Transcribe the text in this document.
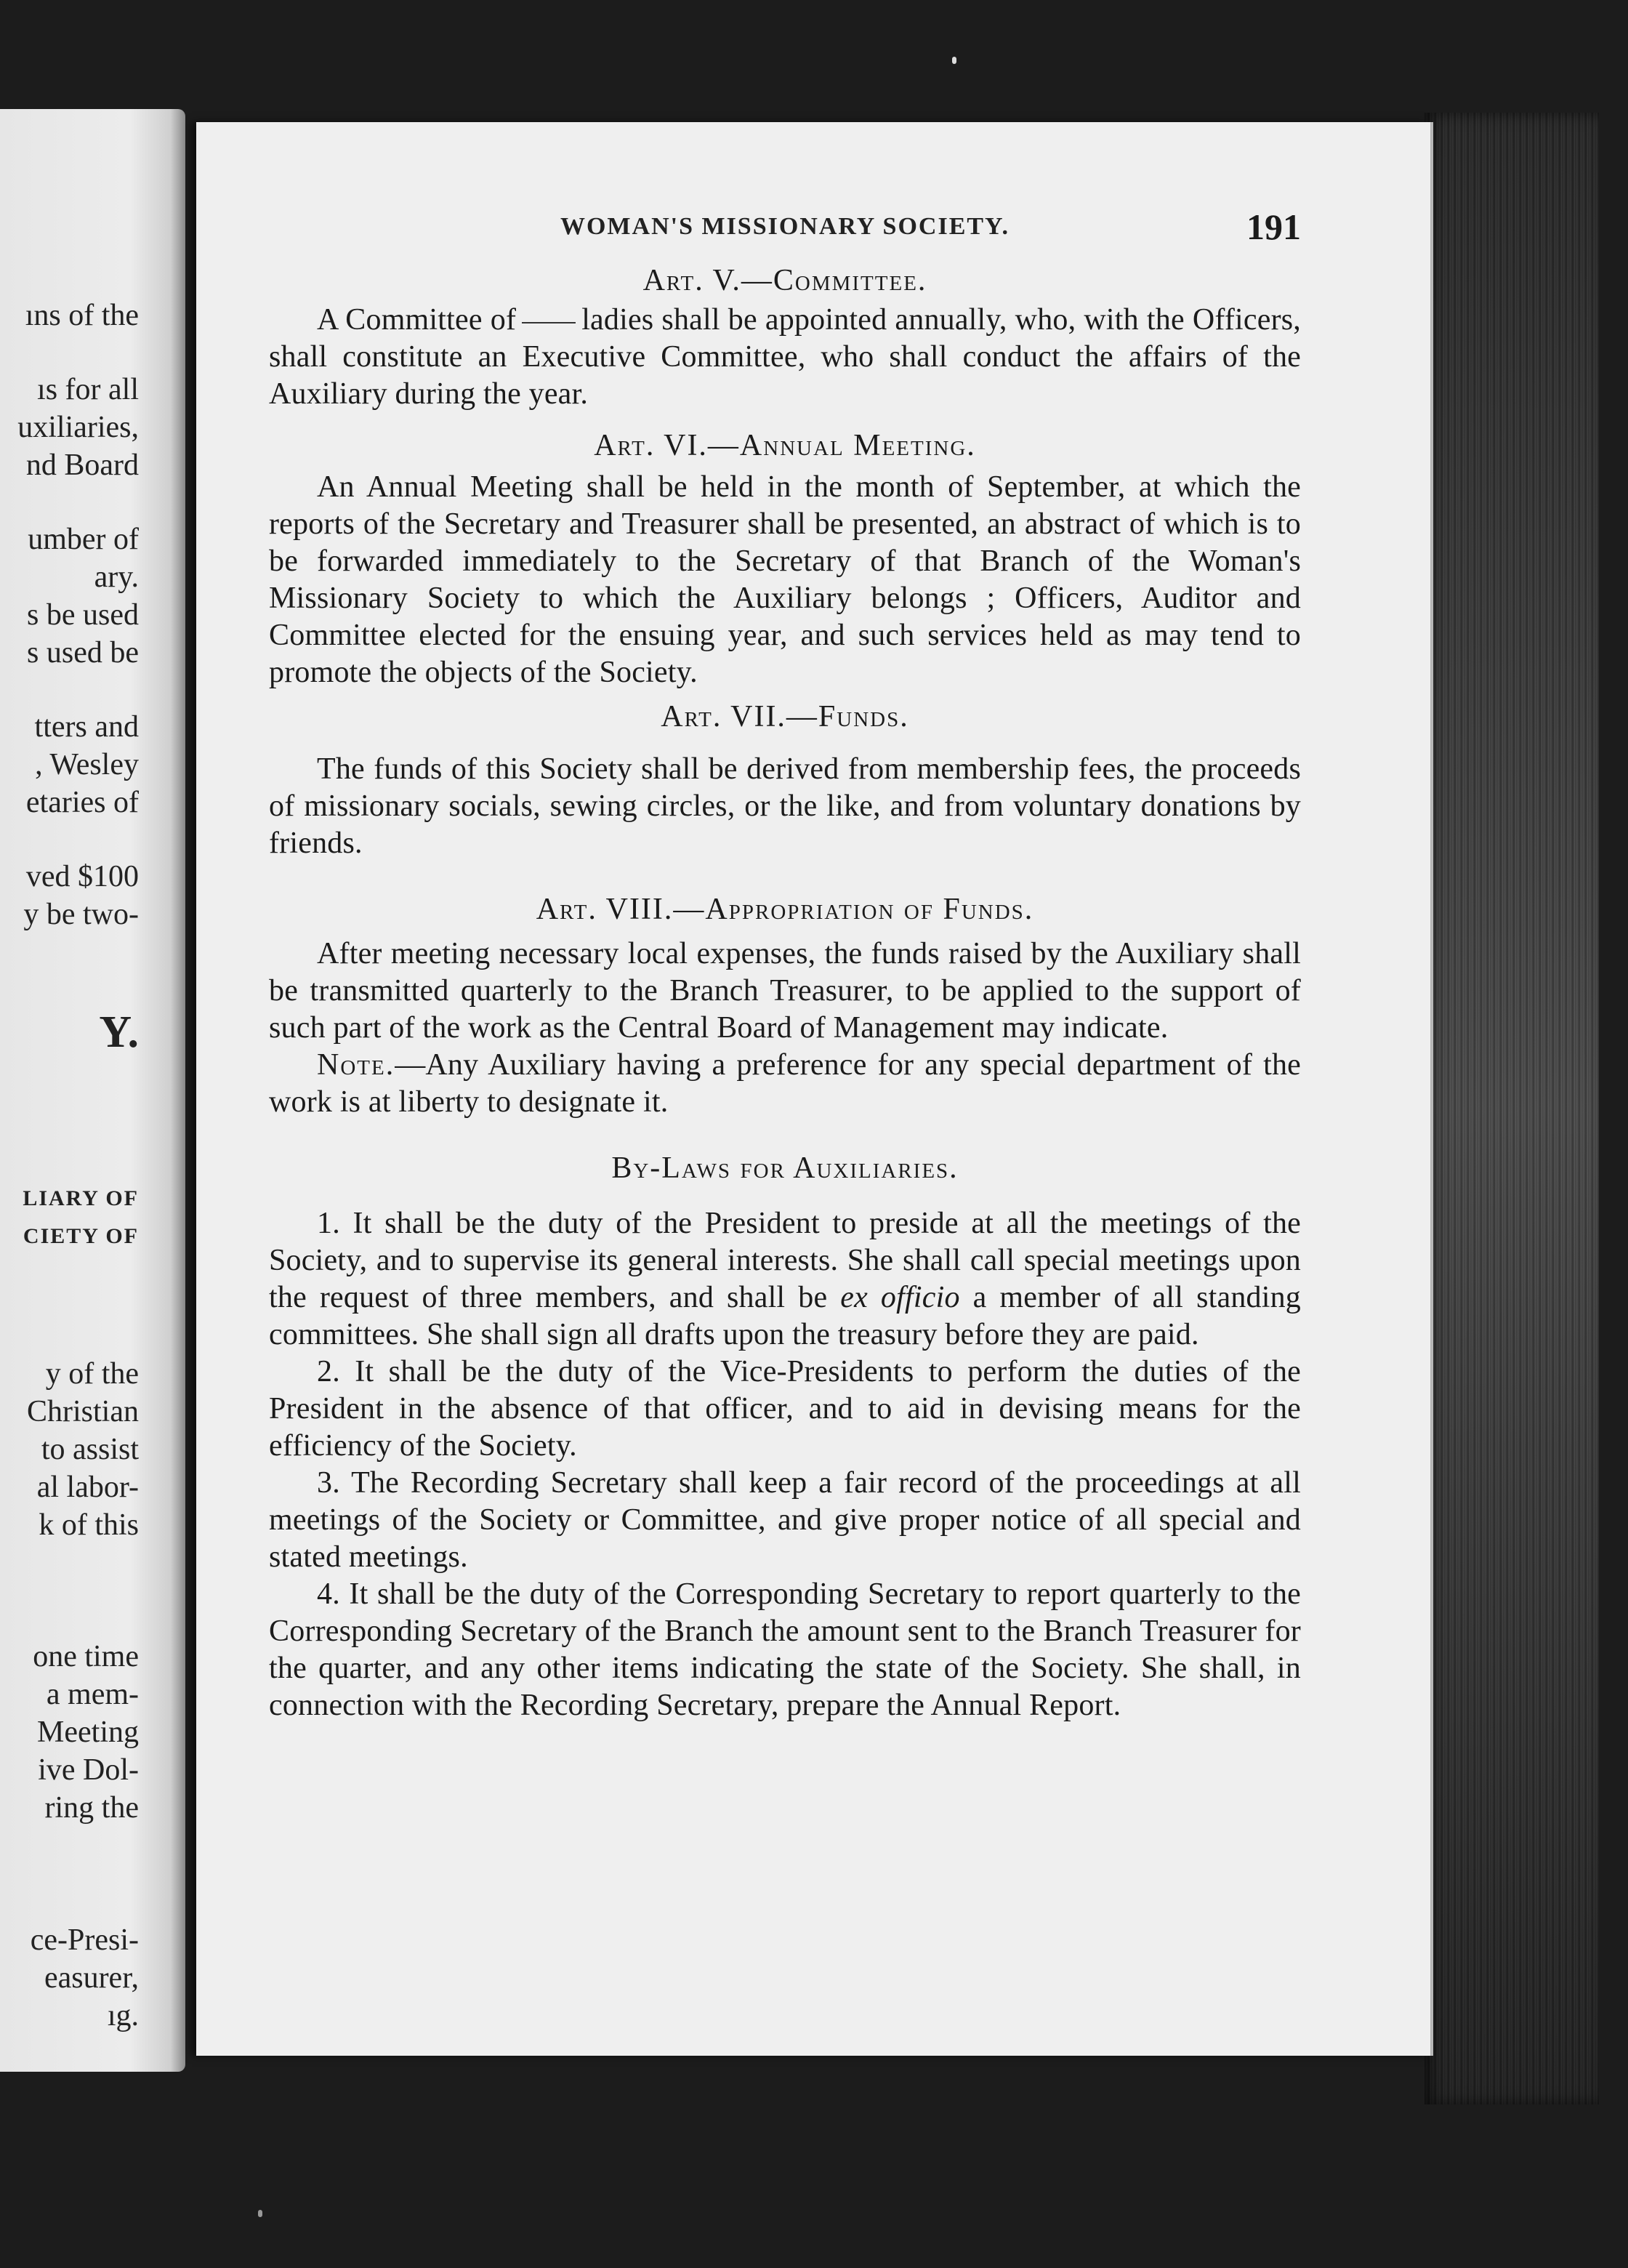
ıns of the
ıs for all
uxiliaries,
nd Board
umber of
ary.
s be used
s used be
tters and
, Wesley
etaries of
ved $100
y be two-
Y.
LIARY OF
CIETY OF
y of the
Christian
to assist
al labor-
k of this
one time
a mem-
Meeting
ive Dol-
ring the
ce-Presi-
easurer,
ıg.
WOMAN'S MISSIONARY SOCIETY.	191
Art. V.—Committee.

A Committee of ladies shall be appointed annually, who, with the Officers, shall constitute an Executive Committee, who shall conduct the affairs of the Auxiliary during the year.

Art. VI.—Annual Meeting.

An Annual Meeting shall be held in the month of September, at which the reports of the Secretary and Treasurer shall be presented, an abstract of which is to be forwarded immediately to the Secretary of that Branch of the Woman's Missionary Society to which the Auxiliary belongs ; Officers, Auditor and Committee elected for the ensuing year, and such services held as may tend to promote the objects of the Society.

Art. VII.—Funds.

The funds of this Society shall be derived from membership fees, the proceeds of missionary socials, sewing circles, or the like, and from voluntary donations by friends.

Art. VIII.—Appropriation of Funds.

After meeting necessary local expenses, the funds raised by the Auxiliary shall be transmitted quarterly to the Branch Treasurer, to be applied to the support of such part of the work as the Central Board of Management may indicate.

Note.—Any Auxiliary having a preference for any special department of the work is at liberty to designate it.

By-Laws for Auxiliaries.

1. It shall be the duty of the President to preside at all the meetings of the Society, and to supervise its general interests. She shall call special meetings upon the request of three members, and shall be ex officio a member of all standing committees. She shall sign all drafts upon the treasury before they are paid.

2. It shall be the duty of the Vice-Presidents to perform the duties of the President in the absence of that officer, and to aid in devising means for the efficiency of the Society.

3. The Recording Secretary shall keep a fair record of the proceedings at all meetings of the Society or Committee, and give proper notice of all special and stated meetings.

4. It shall be the duty of the Corresponding Secretary to report quarterly to the Corresponding Secretary of the Branch the amount sent to the Branch Treasurer for the quarter, and any other items indicating the state of the Society. She shall, in connection with the Recording Secretary, prepare the Annual Report.
